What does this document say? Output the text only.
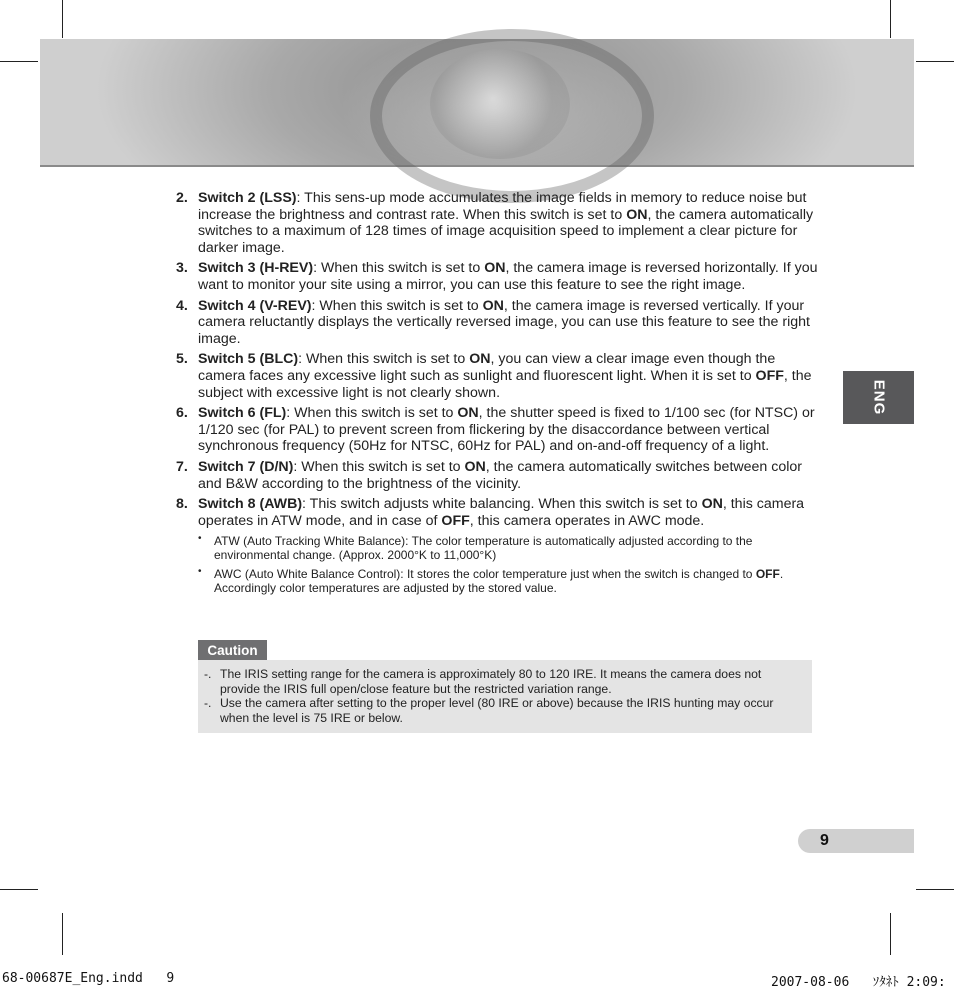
ENG
2. Switch 2 (LSS): This sens-up mode accumulates the image fields in memory to reduce noise but increase the brightness and contrast rate. When this switch is set to ON, the camera automatically switches to a maximum of 128 times of image acquisition speed to implement a clear picture for darker image.
3. Switch 3 (H-REV): When this switch is set to ON, the camera image is reversed horizontally. If you want to monitor your site using a mirror, you can use this feature to see the right image.
4. Switch 4 (V-REV): When this switch is set to ON, the camera image is reversed vertically. If your camera reluctantly displays the vertically reversed image, you can use this feature to see the right image.
5. Switch 5 (BLC): When this switch is set to ON, you can view a clear image even though the camera faces any excessive light such as sunlight and fluorescent light. When it is set to OFF, the subject with excessive light is not clearly shown.
6. Switch 6 (FL): When this switch is set to ON, the shutter speed is fixed to 1/100 sec (for NTSC) or 1/120 sec (for PAL) to prevent screen from flickering by the disaccordance between vertical synchronous frequency (50Hz for NTSC, 60Hz for PAL) and on-and-off frequency of a light.
7. Switch 7 (D/N): When this switch is set to ON, the camera automatically switches between color and B&W according to the brightness of the vicinity.
8. Switch 8 (AWB): This switch adjusts white balancing. When this switch is set to ON, this camera operates in ATW mode, and in case of OFF, this camera operates in AWC mode.
• ATW (Auto Tracking White Balance): The color temperature is automatically adjusted according to the environmental change. (Approx. 2000°K to 11,000°K)
• AWC (Auto White Balance Control): It stores the color temperature just when the switch is changed to OFF. Accordingly color temperatures are adjusted by the stored value.
Caution
-. The IRIS setting range for the camera is approximately 80 to 120 IRE. It means the camera does not provide the IRIS full open/close feature but the restricted variation range.
-. Use the camera after setting to the proper level (80 IRE or above) because the IRIS hunting may occur when the level is 75 IRE or below.
9
68-00687E_Eng.indd   9	2007-08-06   ｿﾀﾈﾄ 2:09:
